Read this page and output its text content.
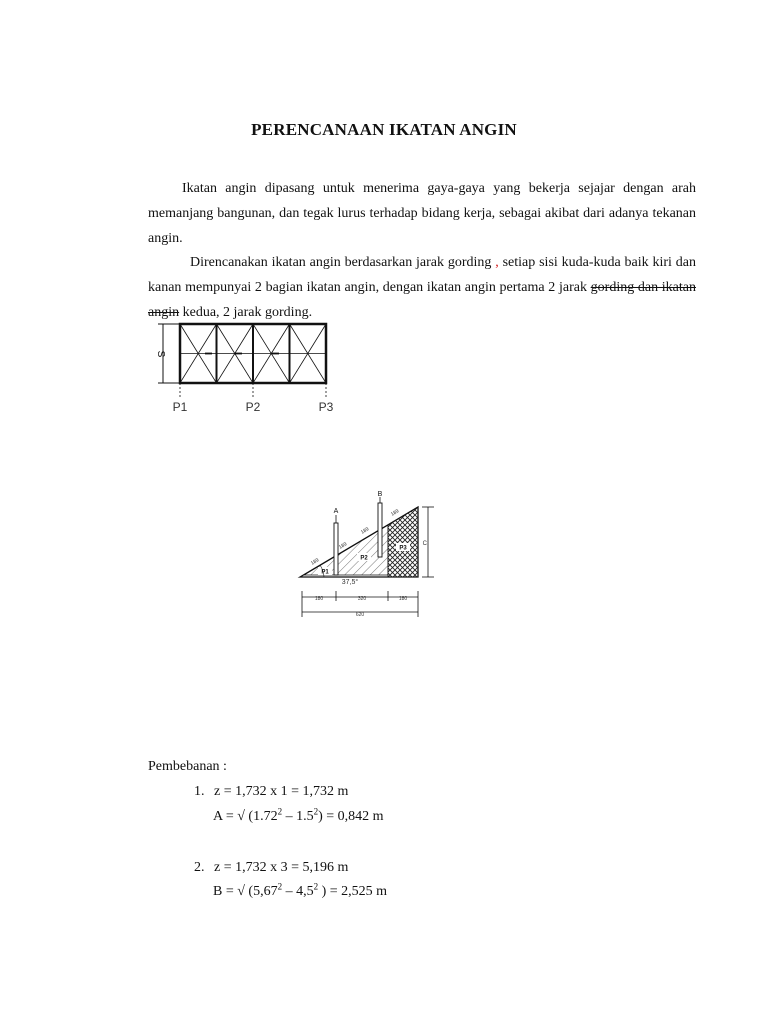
PERENCANAAN IKATAN ANGIN
Ikatan angin dipasang untuk menerima gaya-gaya yang bekerja sejajar dengan arah memanjang bangunan, dan tegak lurus terhadap bidang kerja, sebagai akibat dari adanya tekanan angin.
Direncanakan ikatan angin berdasarkan jarak gording , setiap sisi kuda-kuda baik kiri dan kanan mempunyai 2 bagian ikatan angin, dengan ikatan angin pertama 2 jarak gording dan ikatan angin kedua, 2 jarak gording.
S
P1	P2	P3
A
B
189
189
189
189
P1
P2
P3
37,5°
C
180	320	180
620
Pembebanan :
1. z = 1,732 x 1 = 1,732 m
A = √ $(1.72^2 - 1.5^2) = 0,842$ m
2. z = 1,732 x 3 = 5,196 m
B = √ ($5,67^2 - 4,5^2$ ) = 2,525 m
